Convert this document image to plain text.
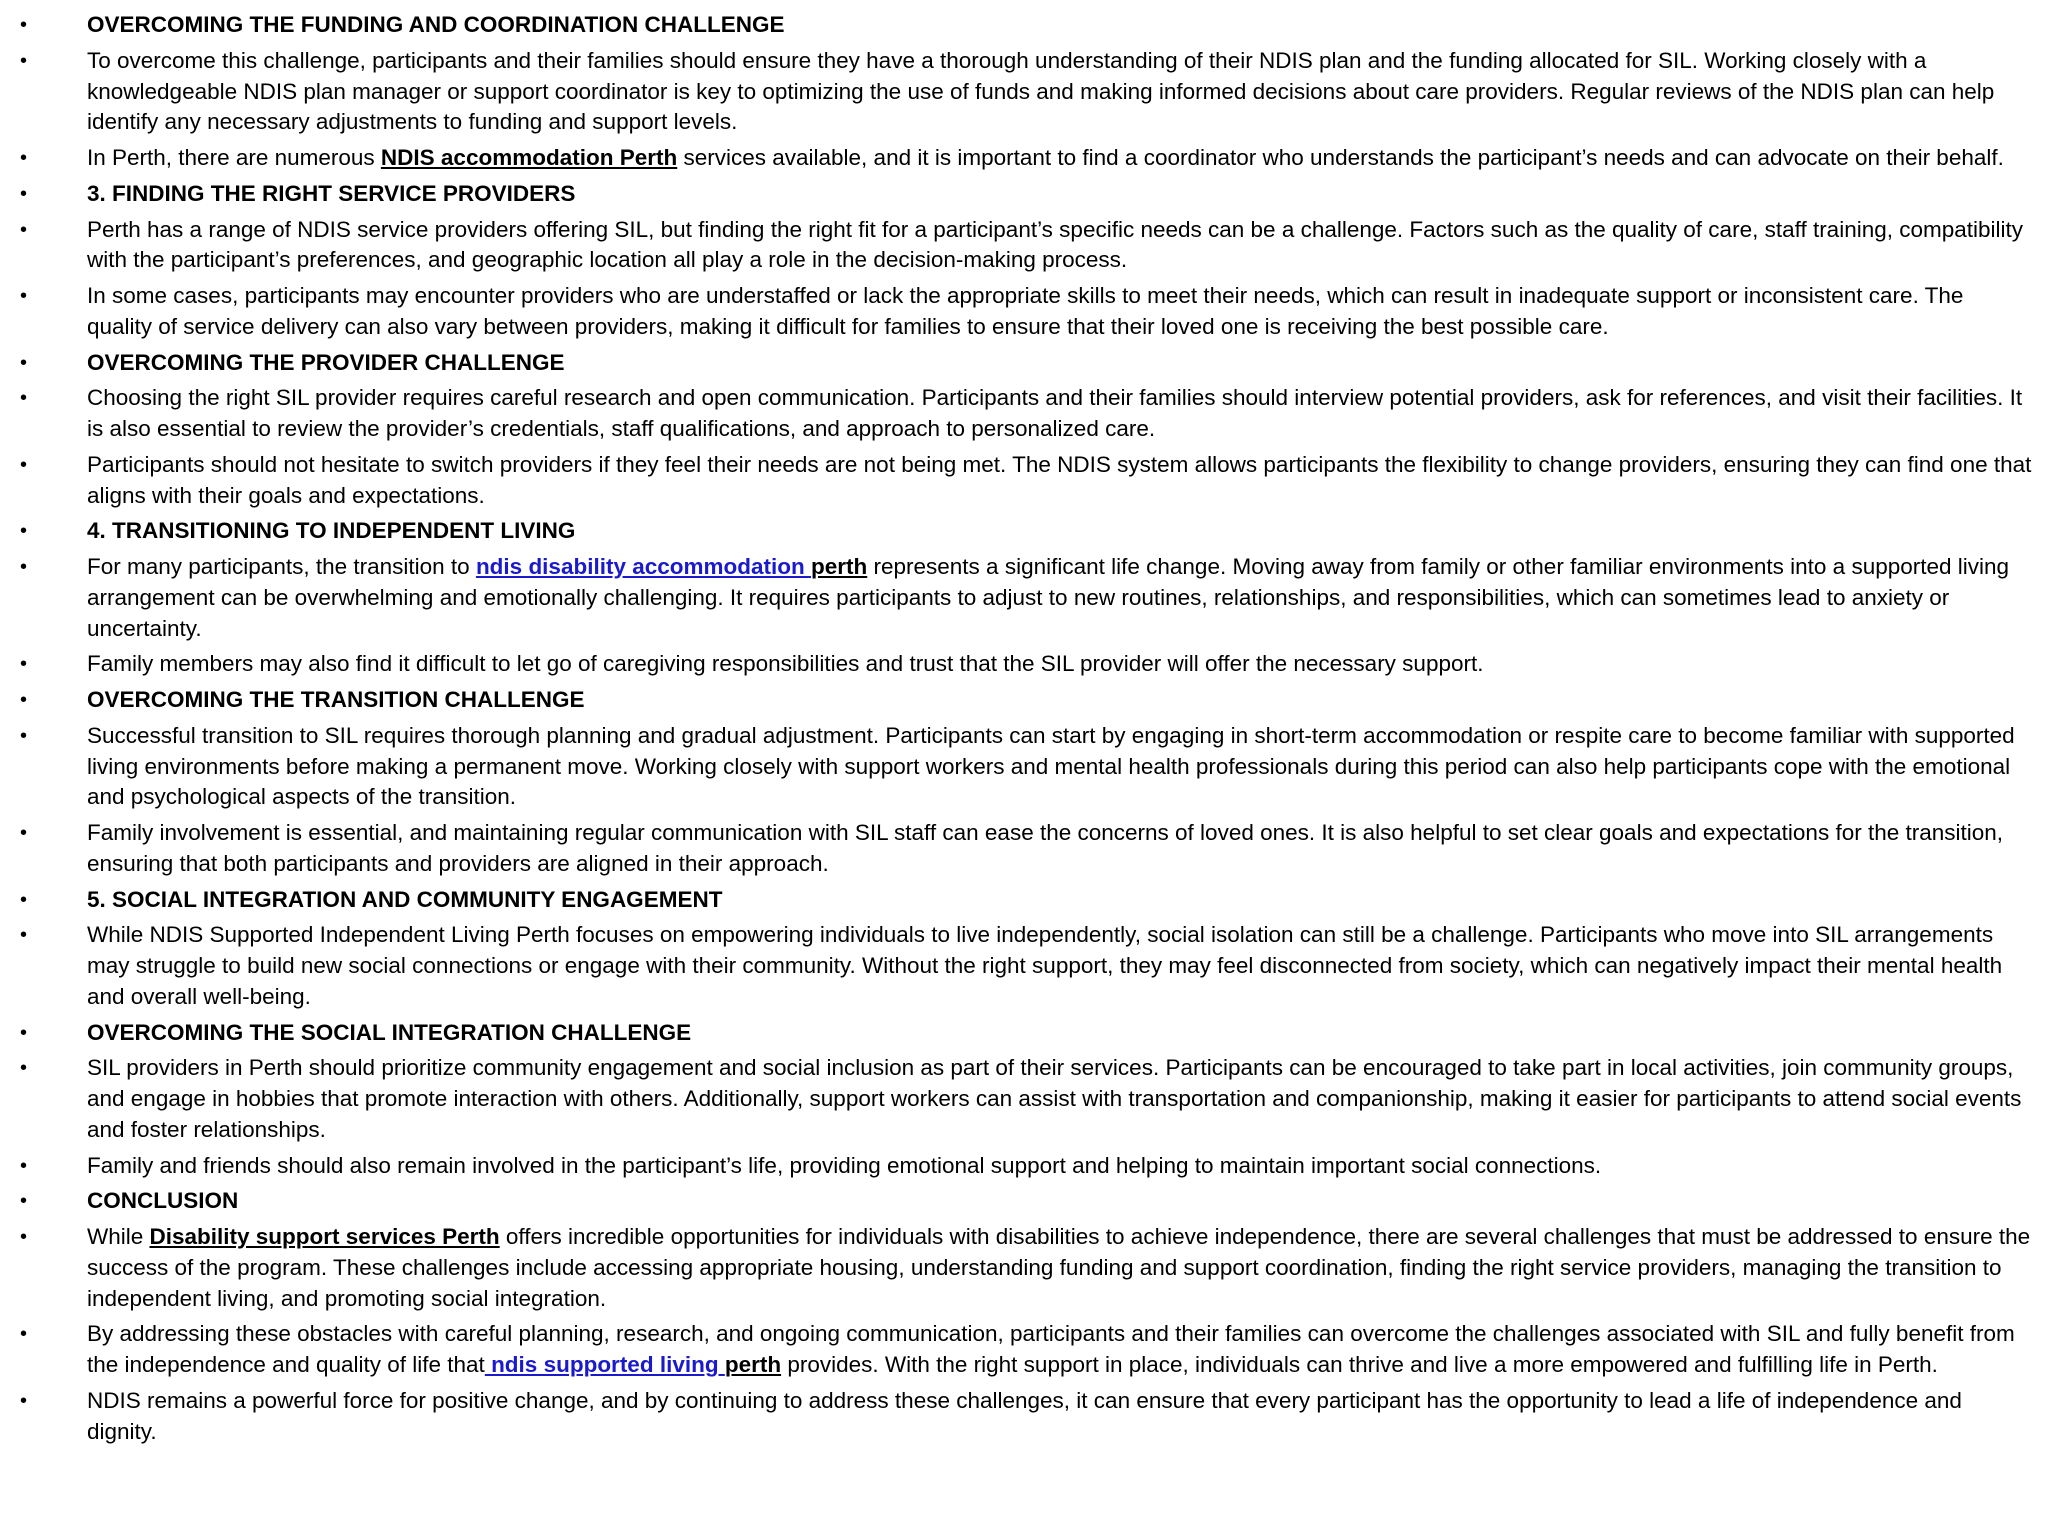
•	OVERCOMING THE FUNDING AND COORDINATION CHALLENGE
•	To overcome this challenge, participants and their families should ensure they have a thorough understanding of their NDIS plan and the funding allocated for SIL. Working closely with a knowledgeable NDIS plan manager or support coordinator is key to optimizing the use of funds and making informed decisions about care providers. Regular reviews of the NDIS plan can help identify any necessary adjustments to funding and support levels.
•	In Perth, there are numerous NDIS accommodation Perth services available, and it is important to find a coordinator who understands the participant’s needs and can advocate on their behalf.
•	3. FINDING THE RIGHT SERVICE PROVIDERS
•	Perth has a range of NDIS service providers offering SIL, but finding the right fit for a participant’s specific needs can be a challenge. Factors such as the quality of care, staff training, compatibility with the participant’s preferences, and geographic location all play a role in the decision-making process.
•	In some cases, participants may encounter providers who are understaffed or lack the appropriate skills to meet their needs, which can result in inadequate support or inconsistent care. The quality of service delivery can also vary between providers, making it difficult for families to ensure that their loved one is receiving the best possible care.
•	OVERCOMING THE PROVIDER CHALLENGE
•	Choosing the right SIL provider requires careful research and open communication. Participants and their families should interview potential providers, ask for references, and visit their facilities. It is also essential to review the provider’s credentials, staff qualifications, and approach to personalized care.
•	Participants should not hesitate to switch providers if they feel their needs are not being met. The NDIS system allows participants the flexibility to change providers, ensuring they can find one that aligns with their goals and expectations.
•	4. TRANSITIONING TO INDEPENDENT LIVING
•	For many participants, the transition to ndis disability accommodation perth represents a significant life change. Moving away from family or other familiar environments into a supported living arrangement can be overwhelming and emotionally challenging. It requires participants to adjust to new routines, relationships, and responsibilities, which can sometimes lead to anxiety or uncertainty.
•	Family members may also find it difficult to let go of caregiving responsibilities and trust that the SIL provider will offer the necessary support.
•	OVERCOMING THE TRANSITION CHALLENGE
•	Successful transition to SIL requires thorough planning and gradual adjustment. Participants can start by engaging in short-term accommodation or respite care to become familiar with supported living environments before making a permanent move. Working closely with support workers and mental health professionals during this period can also help participants cope with the emotional and psychological aspects of the transition.
•	Family involvement is essential, and maintaining regular communication with SIL staff can ease the concerns of loved ones. It is also helpful to set clear goals and expectations for the transition, ensuring that both participants and providers are aligned in their approach.
•	5. SOCIAL INTEGRATION AND COMMUNITY ENGAGEMENT
•	While NDIS Supported Independent Living Perth focuses on empowering individuals to live independently, social isolation can still be a challenge. Participants who move into SIL arrangements may struggle to build new social connections or engage with their community. Without the right support, they may feel disconnected from society, which can negatively impact their mental health and overall well-being.
•	OVERCOMING THE SOCIAL INTEGRATION CHALLENGE
•	SIL providers in Perth should prioritize community engagement and social inclusion as part of their services. Participants can be encouraged to take part in local activities, join community groups, and engage in hobbies that promote interaction with others. Additionally, support workers can assist with transportation and companionship, making it easier for participants to attend social events and foster relationships.
•	Family and friends should also remain involved in the participant’s life, providing emotional support and helping to maintain important social connections.
•	CONCLUSION
•	While Disability support services Perth offers incredible opportunities for individuals with disabilities to achieve independence, there are several challenges that must be addressed to ensure the success of the program. These challenges include accessing appropriate housing, understanding funding and support coordination, finding the right service providers, managing the transition to independent living, and promoting social integration.
•	By addressing these obstacles with careful planning, research, and ongoing communication, participants and their families can overcome the challenges associated with SIL and fully benefit from the independence and quality of life that ndis supported living perth provides. With the right support in place, individuals can thrive and live a more empowered and fulfilling life in Perth.
•	NDIS remains a powerful force for positive change, and by continuing to address these challenges, it can ensure that every participant has the opportunity to lead a life of independence and dignity.
